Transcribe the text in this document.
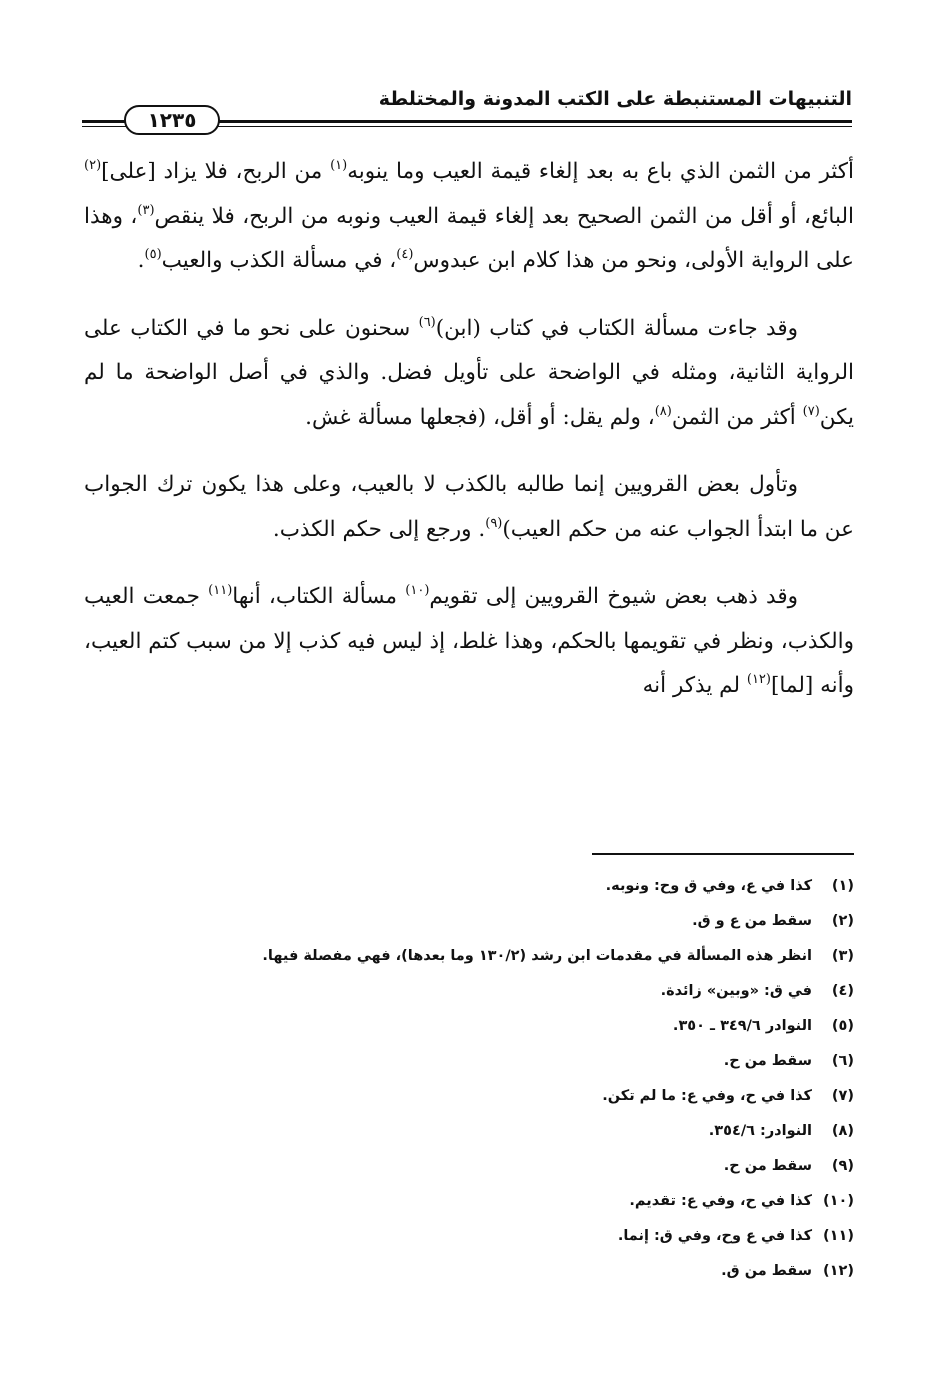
التنبيهات المستنبطة على الكتب المدونة والمختلطة
١٢٣٥

أكثر من الثمن الذي باع به بعد إلغاء قيمة العيب وما ينوبه$^{(١)}$ من الربح، فلا يزاد [على]$^{(٢)}$ البائع، أو أقل من الثمن الصحيح بعد إلغاء قيمة العيب ونوبه من الربح، فلا ينقص$^{(٣)}$، وهذا على الرواية الأولى، ونحو من هذا كلام ابن عبدوس$^{(٤)}$، في مسألة الكذب والعيب$^{(٥)}$.

وقد جاءت مسألة الكتاب في كتاب (ابن)$^{(٦)}$ سحنون على نحو ما في الكتاب على الرواية الثانية، ومثله في الواضحة على تأويل فضل. والذي في أصل الواضحة ما لم يكن$^{(٧)}$ أكثر من الثمن$^{(٨)}$، ولم يقل: أو أقل، (فجعلها مسألة غش.

وتأول بعض القرويين إنما طالبه بالكذب لا بالعيب، وعلى هذا يكون ترك الجواب عن ما ابتدأ الجواب عنه من حكم العيب)$^{(٩)}$. ورجع إلى حكم الكذب.

وقد ذهب بعض شيوخ القرويين إلى تقويم$^{(١٠)}$ مسألة الكتاب، أنها$^{(١١)}$ جمعت العيب والكذب، ونظر في تقويمها بالحكم، وهذا غلط، إذ ليس فيه كذب إلا من سبب كتم العيب، وأنه [لما]$^{(١٢)}$ لم يذكر أنه

(١)كذا في ع، وفي ق وح: ونوبه.
(٢)سقط من ع و ق.
(٣)انظر هذه المسألة في مقدمات ابن رشد (١٣٠/٢ وما بعدها)، فهي مفصلة فيها.
(٤)في ق: «وبين» زائدة.
(٥)النوادر ٣٤٩/٦ ـ ٣٥٠.
(٦)سقط من ح.
(٧)كذا في ح، وفي ع: ما لم تكن.
(٨)النوادر: ٣٥٤/٦.
(٩)سقط من ح.
(١٠)كذا في ح، وفي ع: تقديم.
(١١)كذا في ع وح، وفي ق: إنما.
(١٢)سقط من ق.
